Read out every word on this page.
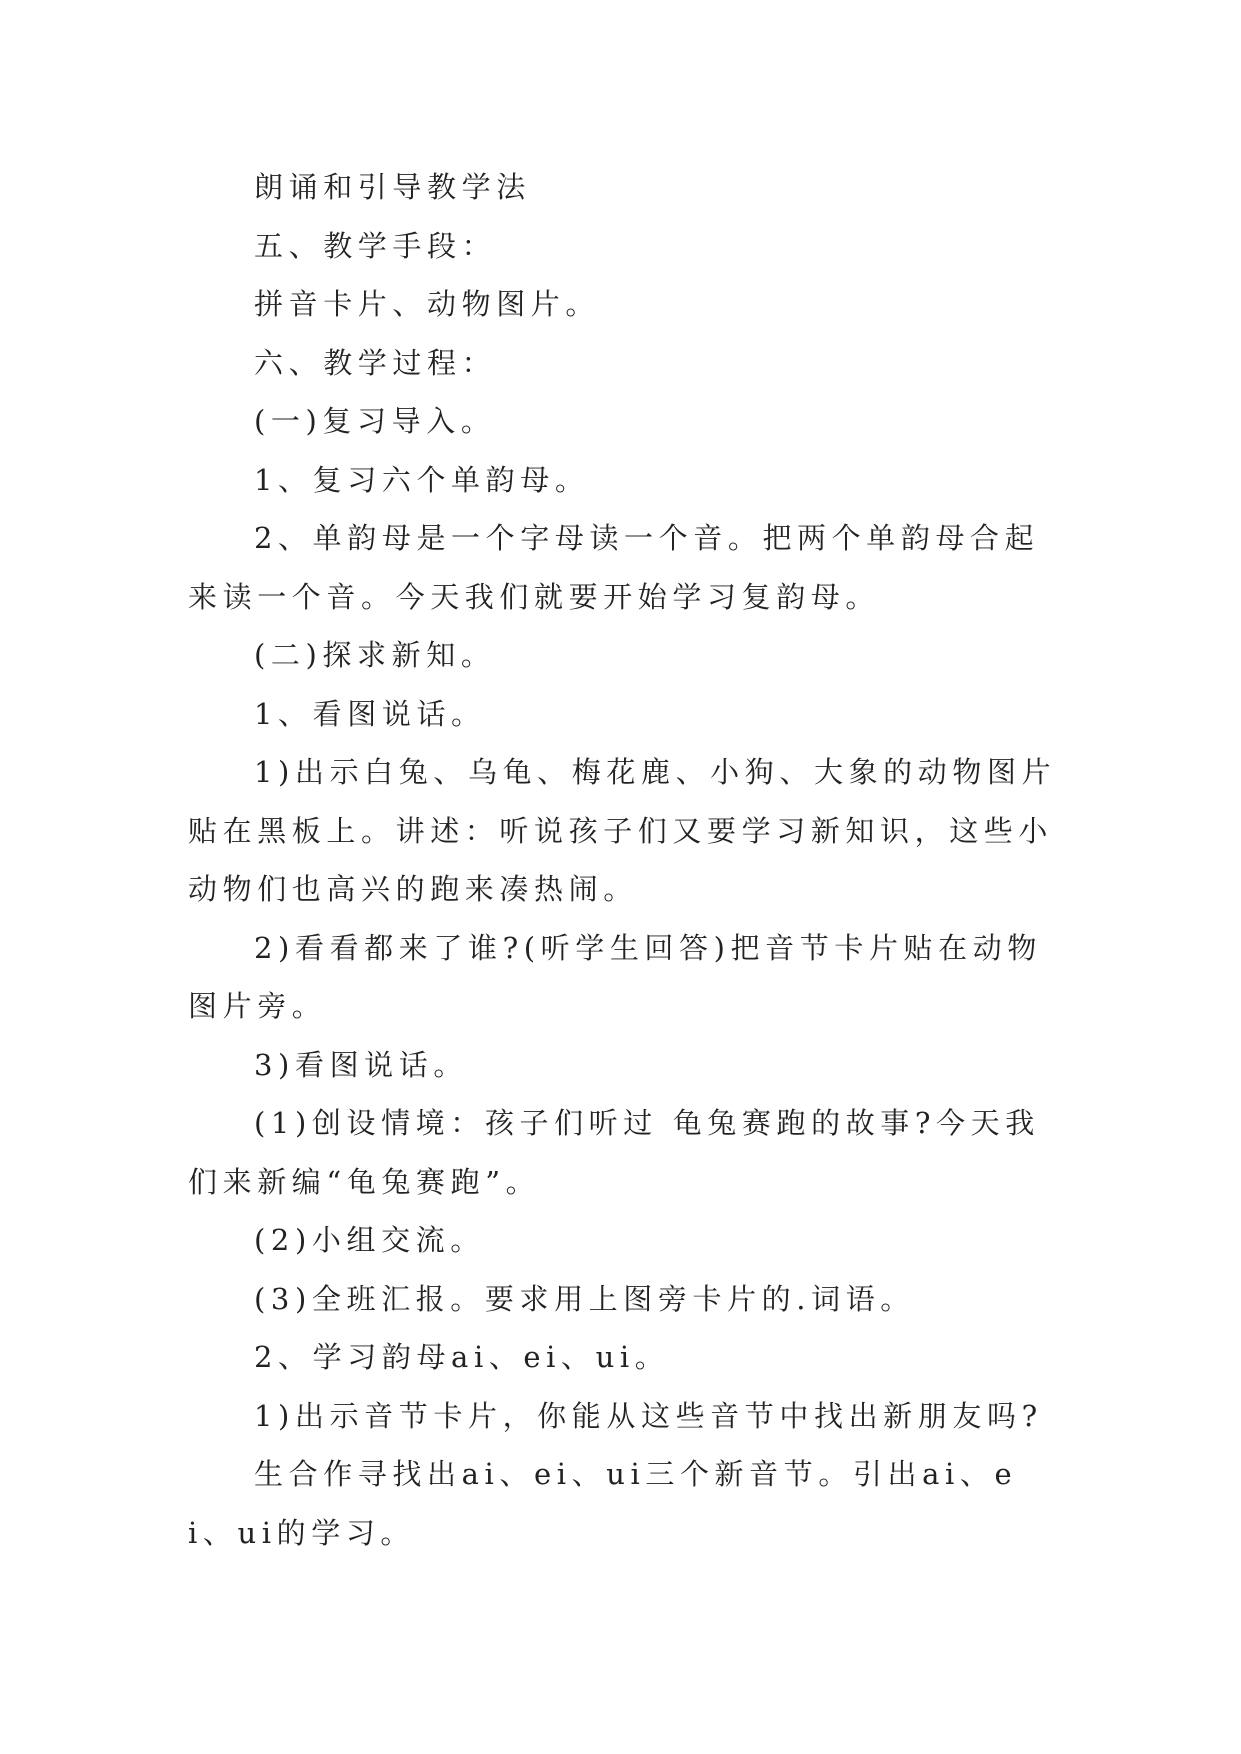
朗诵和引导教学法

五、教学手段：

拼音卡片、动物图片。

六、教学过程：

(一)复习导入。

1、复习六个单韵母。

2、单韵母是一个字母读一个音。把两个单韵母合起来读一个音。今天我们就要开始学习复韵母。

(二)探求新知。

1、看图说话。

1)出示白兔、乌龟、梅花鹿、小狗、大象的动物图片贴在黑板上。讲述：听说孩子们又要学习新知识，这些小动物们也高兴的跑来凑热闹。

2)看看都来了谁?(听学生回答)把音节卡片贴在动物图片旁。

3)看图说话。

(1)创设情境：孩子们听过 龟兔赛跑的故事?今天我们来新编“龟兔赛跑”。

(2)小组交流。

(3)全班汇报。要求用上图旁卡片的.词语。

2、学习韵母ai、ei、ui。

1)出示音节卡片，你能从这些音节中找出新朋友吗?

生合作寻找出ai、ei、ui三个新音节。引出ai、ei、ui的学习。
